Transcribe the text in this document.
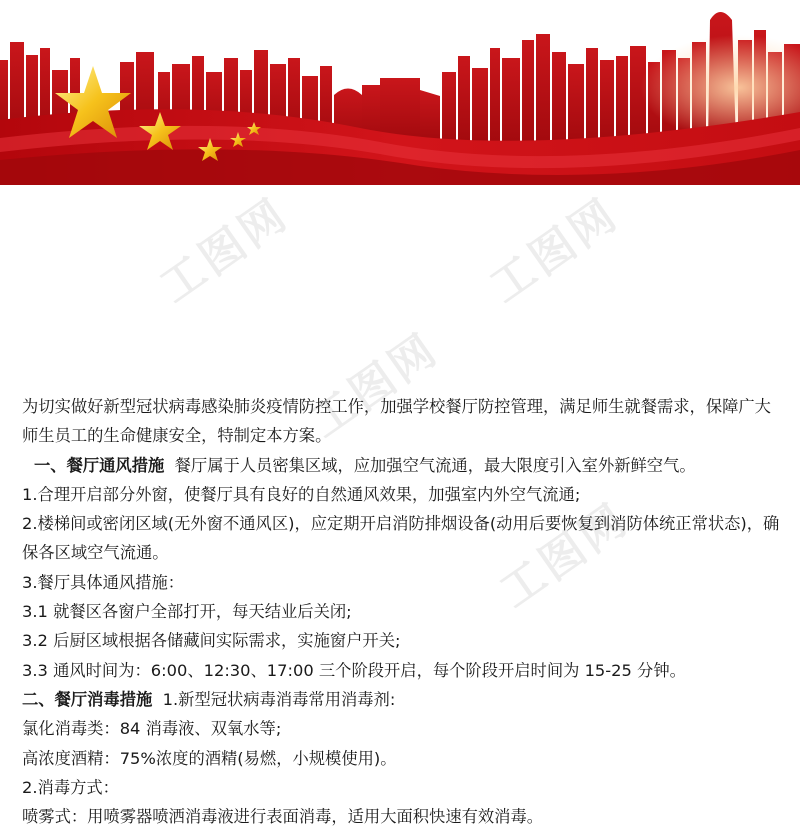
工图网	工图网
工图网
工图网

为切实做好新型冠状病毒感染肺炎疫情防控工作，加强学校餐厅防控管理，满足师生就餐需求，保障广大师生员工的生命健康安全，特制定本方案。

一、餐厅通风措施 餐厅属于人员密集区域，应加强空气流通，最大限度引入室外新鲜空气。

1.合理开启部分外窗，使餐厅具有良好的自然通风效果，加强室内外空气流通;

2.楼梯间或密闭区域(无外窗不通风区)，应定期开启消防排烟设备(动用后要恢复到消防体统正常状态)，确保各区域空气流通。

3.餐厅具体通风措施：

3.1 就餐区各窗户全部打开，每天结业后关闭;

3.2 后厨区域根据各储藏间实际需求，实施窗户开关;

3.3 通风时间为：6:00、12:30、17:00 三个阶段开启，每个阶段开启时间为 15-25 分钟。

二、餐厅消毒措施 1.新型冠状病毒消毒常用消毒剂:

氯化消毒类：84 消毒液、双氧水等;

高浓度酒精：75%浓度的酒精(易燃，小规模使用)。

2.消毒方式：

喷雾式：用喷雾器喷洒消毒液进行表面消毒，适用大面积快速有效消毒。
